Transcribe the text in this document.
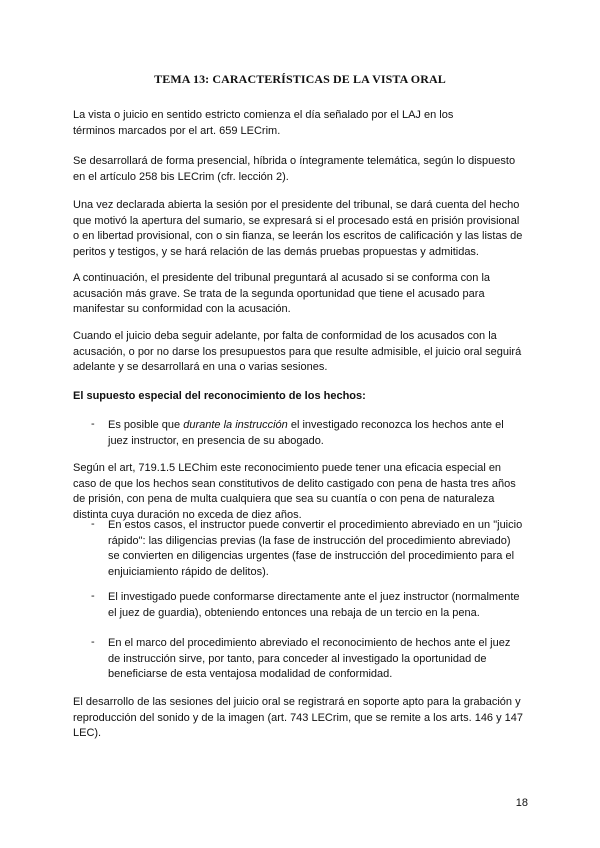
TEMA 13: CARACTERÍSTICAS DE LA VISTA ORAL
La vista o juicio en sentido estricto comienza el día señalado por el LAJ en los
términos marcados por el art. 659 LECrim.
Se desarrollará de forma presencial, híbrida o íntegramente telemática, según lo dispuesto
en el artículo 258 bis LECrim (cfr. lección 2).
Una vez declarada abierta la sesión por el presidente del tribunal, se dará cuenta del hecho
que motivó la apertura del sumario, se expresará si el procesado está en prisión provisional
o en libertad provisional, con o sin fianza, se leerán los escritos de calificación y las listas de
peritos y testigos, y se hará relación de las demás pruebas propuestas y admitidas.
A continuación, el presidente del tribunal preguntará al acusado si se conforma con la
acusación más grave. Se trata de la segunda oportunidad que tiene el acusado para
manifestar su conformidad con la acusación.
Cuando el juicio deba seguir adelante, por falta de conformidad de los acusados con la
acusación, o por no darse los presupuestos para que resulte admisible, el juicio oral seguirá
adelante y se desarrollará en una o varias sesiones.
El supuesto especial del reconocimiento de los hechos:
- Es posible que durante la instrucción el investigado reconozca los hechos ante el
juez instructor, en presencia de su abogado.
Según el art, 719.1.5 LEChim este reconocimiento puede tener una eficacia especial en
caso de que los hechos sean constitutivos de delito castigado con pena de hasta tres años
de prisión, con pena de multa cualquiera que sea su cuantía o con pena de naturaleza
distinta cuya duración no exceda de diez años.
- En estos casos, el instructor puede convertir el procedimiento abreviado en un "juicio
rápido": las diligencias previas (la fase de instrucción del procedimiento abreviado)
se convierten en diligencias urgentes (fase de instrucción del procedimiento para el
enjuiciamiento rápido de delitos).
- El investigado puede conformarse directamente ante el juez instructor (normalmente
el juez de guardia), obteniendo entonces una rebaja de un tercio en la pena.
- En el marco del procedimiento abreviado el reconocimiento de hechos ante el juez
de instrucción sirve, por tanto, para conceder al investigado la oportunidad de
beneficiarse de esta ventajosa modalidad de conformidad.
El desarrollo de las sesiones del juicio oral se registrará en soporte apto para la grabación y
reproducción del sonido y de la imagen (art. 743 LECrim, que se remite a los arts. 146 y 147
LEC).
18
